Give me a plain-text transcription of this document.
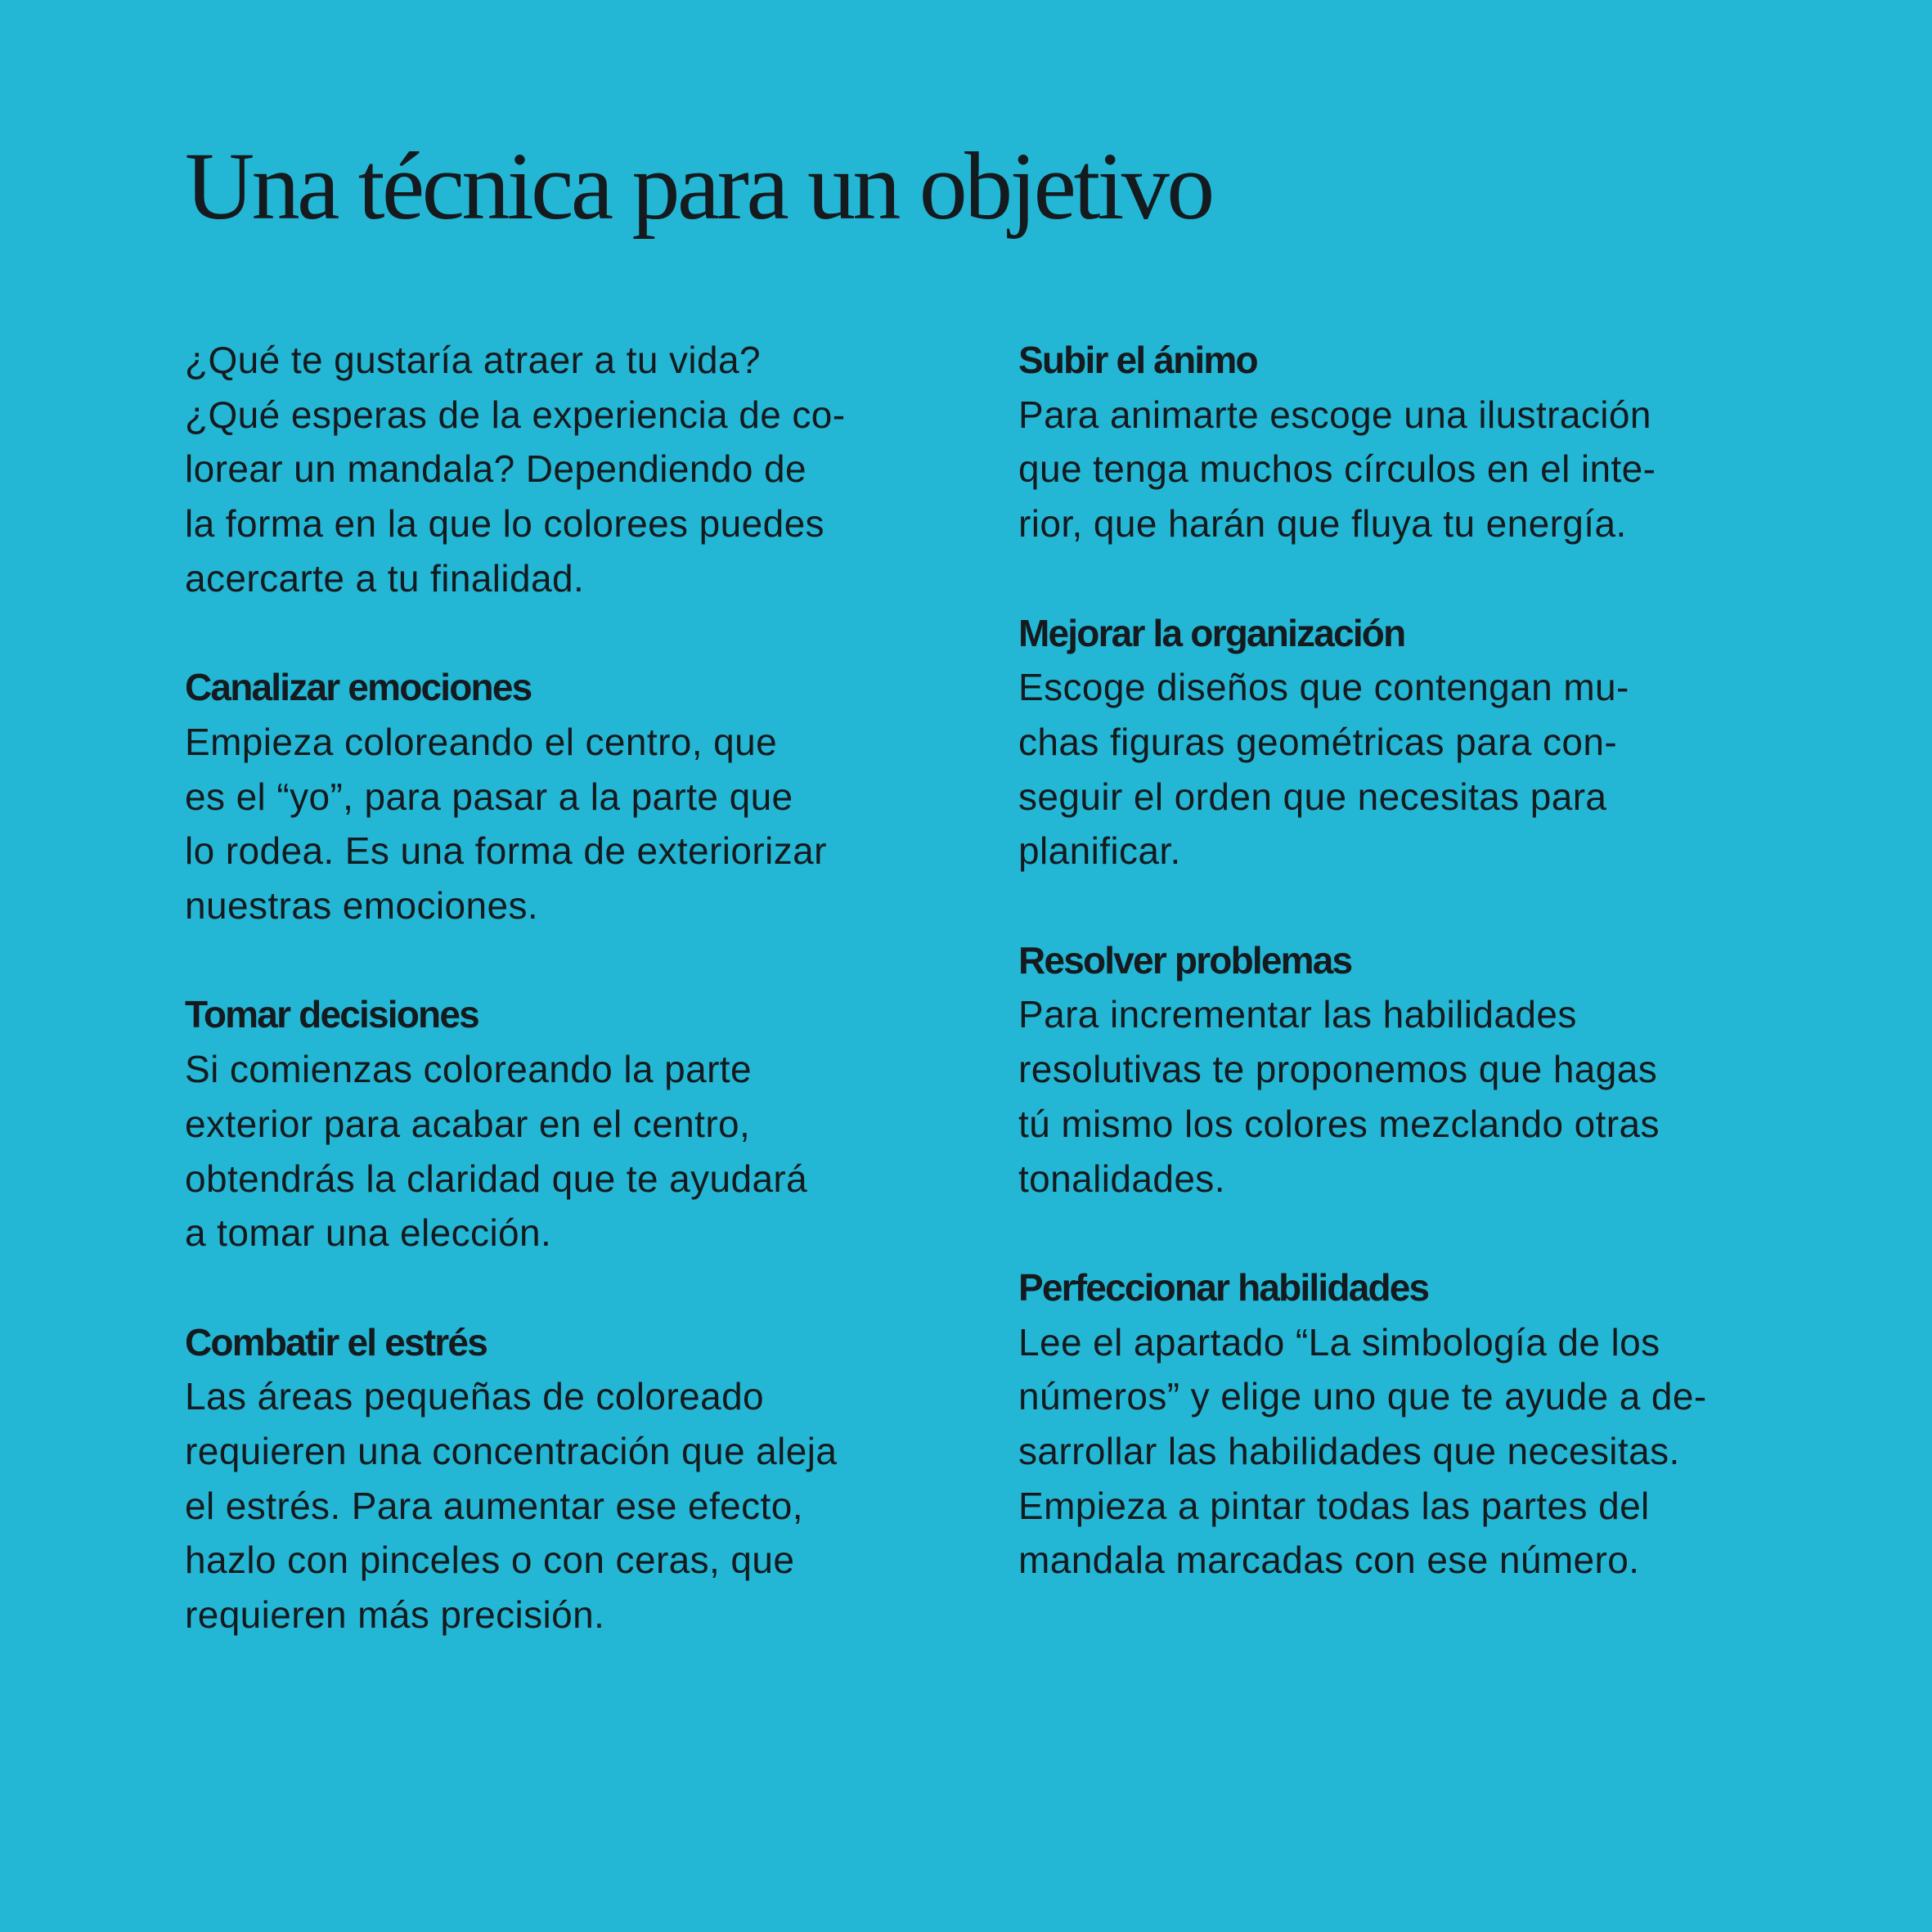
Una técnica para un objetivo
¿Qué te gustaría atraer a tu vida?
¿Qué esperas de la experiencia de co-
lorear un mandala? Dependiendo de
la forma en la que lo colorees puedes
acercarte a tu finalidad.
Canalizar emociones
Empieza coloreando el centro, que
es el “yo”, para pasar a la parte que
lo rodea. Es una forma de exteriorizar
nuestras emociones.
Tomar decisiones
Si comienzas coloreando la parte
exterior para acabar en el centro,
obtendrás la claridad que te ayudará
a tomar una elección.
Combatir el estrés
Las áreas pequeñas de coloreado
requieren una concentración que aleja
el estrés. Para aumentar ese efecto,
hazlo con pinceles o con ceras, que
requieren más precisión.
Subir el ánimo
Para animarte escoge una ilustración
que tenga muchos círculos en el inte-
rior, que harán que fluya tu energía.
Mejorar la organización
Escoge diseños que contengan mu-
chas figuras geométricas para con-
seguir el orden que necesitas para
planificar.
Resolver problemas
Para incrementar las habilidades
resolutivas te proponemos que hagas
tú mismo los colores mezclando otras
tonalidades.
Perfeccionar habilidades
Lee el apartado “La simbología de los
números” y elige uno que te ayude a de-
sarrollar las habilidades que necesitas.
Empieza a pintar todas las partes del
mandala marcadas con ese número.
